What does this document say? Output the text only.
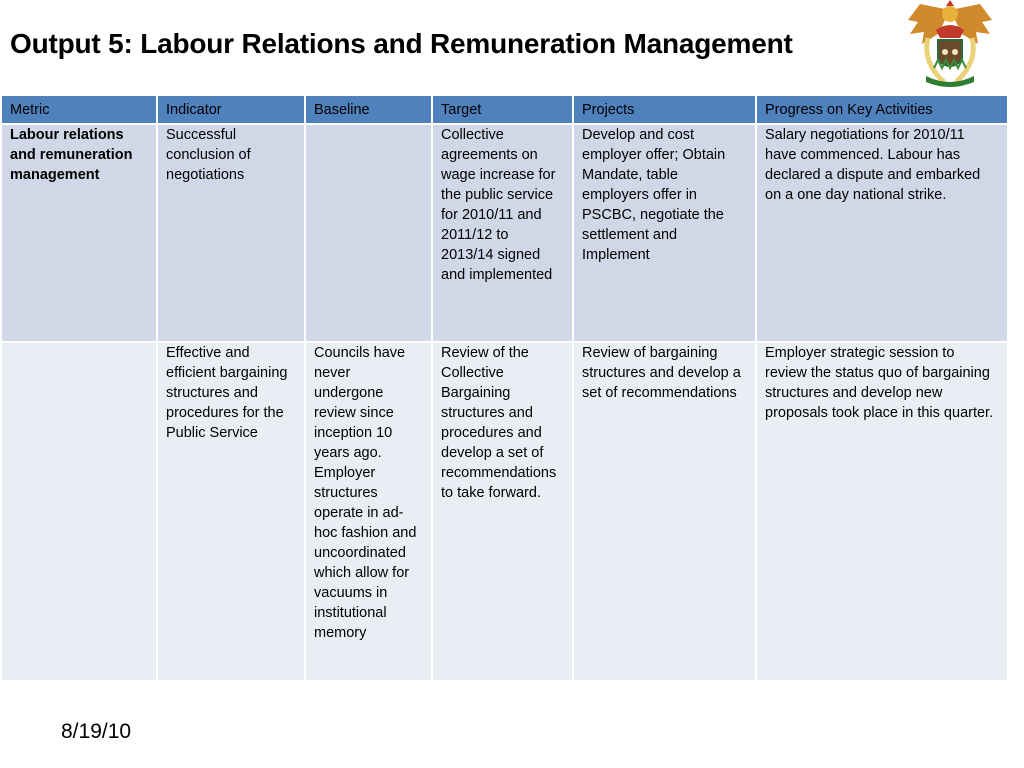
Output 5: Labour Relations and Remuneration Management
Metric	Indicator	Baseline	Target	Projects	Progress on Key Activities
Labour relations and remuneration management	Successful conclusion of negotiations		Collective agreements on wage increase for the public service for 2010/11 and 2011/12 to 2013/14 signed and implemented	Develop and cost employer offer; Obtain Mandate, table employers offer in PSCBC, negotiate the settlement and Implement	Salary negotiations for 2010/11 have commenced. Labour has declared a dispute and embarked on a one day national strike.
	Effective and efficient bargaining structures and procedures for the Public Service	Councils have never undergone review since inception 10 years ago. Employer structures operate in ad-hoc fashion and uncoordinated which allow for vacuums in institutional memory	Review of the Collective Bargaining structures and procedures and develop a set of recommendations to take forward.	Review of bargaining structures and develop a set of recommendations	Employer strategic session to review the status quo of bargaining structures and develop new proposals took place in this quarter.
8/19/10
